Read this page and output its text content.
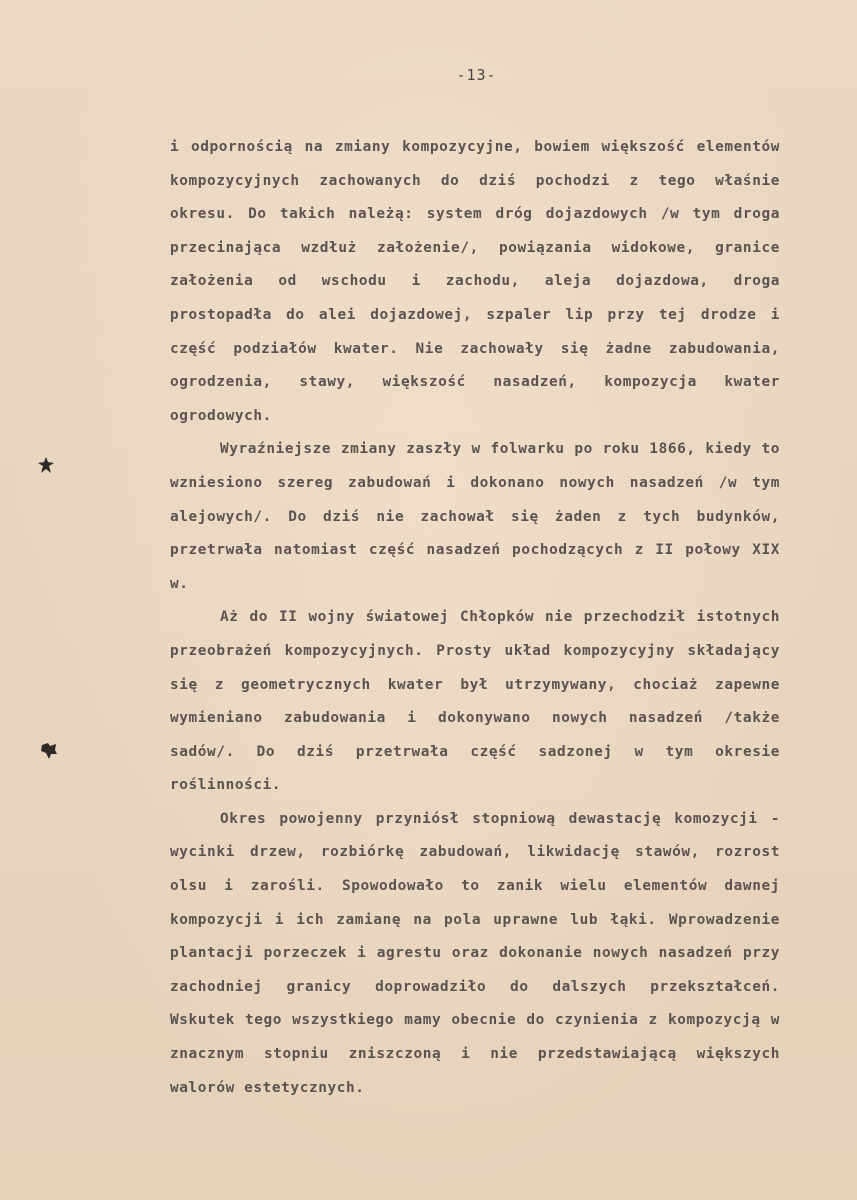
-13-

i odpornością na zmiany kompozycyjne, bowiem większość elementów kompozycyjnych zachowanych do dziś pochodzi z tego właśnie okresu. Do takich należą: system dróg dojazdowych /w tym droga przecinająca wzdłuż założenie/, powiązania widokowe, granice założenia od wschodu i zachodu, aleja dojazdowa, droga prostopadła do alei dojazdowej, szpaler lip przy tej drodze i część podziałów kwater. Nie zachowały się żadne zabudowania, ogrodzenia, stawy, większość nasadzeń, kompozycja kwater ogrodowych.

Wyraźniejsze zmiany zaszły w folwarku po roku 1866, kiedy to wzniesiono szereg zabudowań i dokonano nowych nasadzeń /w tym alejowych/. Do dziś nie zachował się żaden z tych budynków, przetrwała natomiast część nasadzeń pochodzących z II połowy XIX w.

Aż do II wojny światowej Chłopków nie przechodził istotnych przeobrażeń kompozycyjnych. Prosty układ kompozycyjny składający się z geometrycznych kwater był utrzymywany, chociaż zapewne wymieniano zabudowania i dokonywano nowych nasadzeń /także sadów/. Do dziś przetrwała część sadzonej w tym okresie roślinności.

Okres powojenny przyniósł stopniową dewastację komozycji - wycinki drzew, rozbiórkę zabudowań, likwidację stawów, rozrost olsu i zarośli. Spowodowało to zanik wielu elementów dawnej kompozycji i ich zamianę na pola uprawne lub łąki. Wprowadzenie plantacji porzeczek i agrestu oraz dokonanie nowych nasadzeń przy zachodniej granicy doprowadziło do dalszych przekształceń. Wskutek tego wszystkiego mamy obecnie do czynienia z kompozycją w znacznym stopniu zniszczoną i nie przedstawiającą większych walorów estetycznych.
